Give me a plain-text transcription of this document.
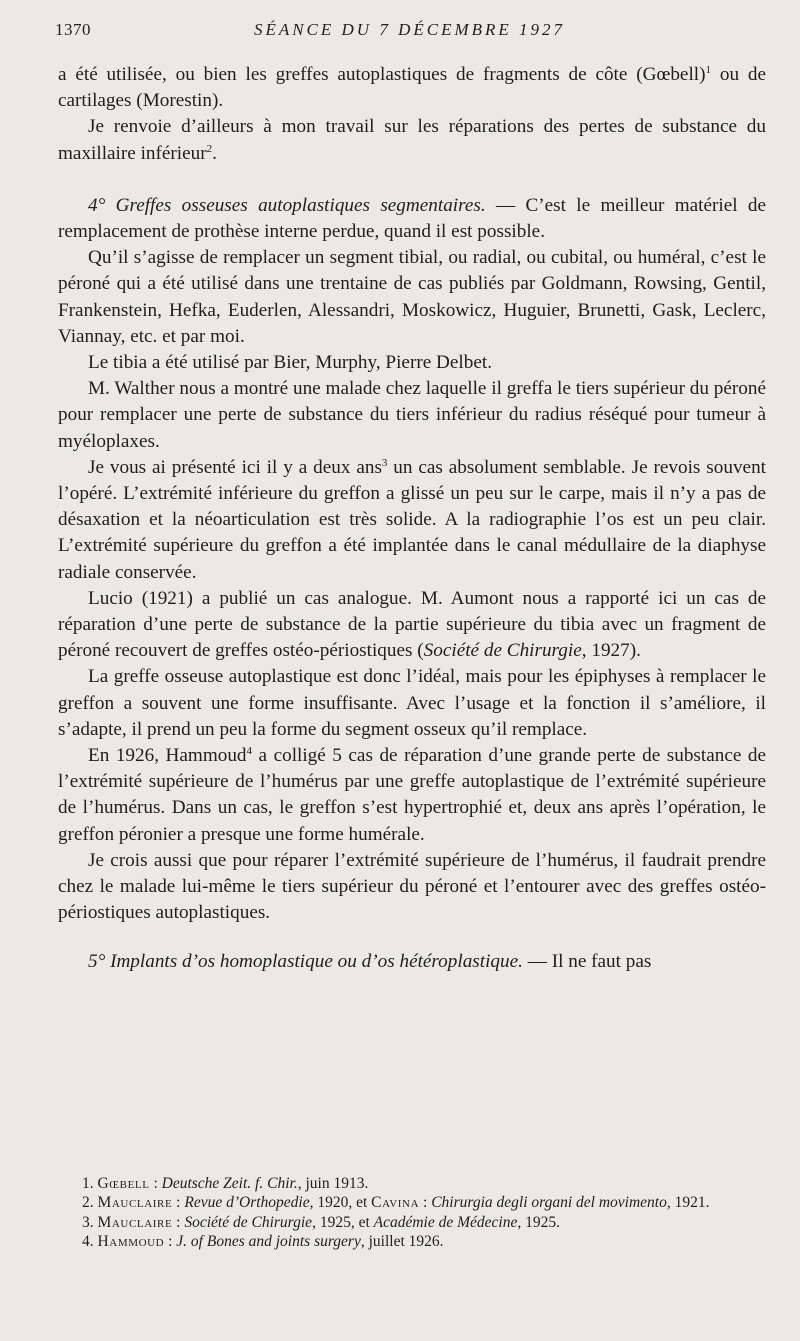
1370	SÉANCE DU 7 DÉCEMBRE 1927

a été utilisée, ou bien les greffes autoplastiques de fragments de côte (Gœbell)$^1$ ou de cartilages (Morestin).

Je renvoie d’ailleurs à mon travail sur les réparations des pertes de substance du maxillaire inférieur$^2$.

4° Greffes osseuses autoplastiques segmentaires. — C’est le meilleur matériel de remplacement de prothèse interne perdue, quand il est possible.

Qu’il s’agisse de remplacer un segment tibial, ou radial, ou cubital, ou huméral, c’est le péroné qui a été utilisé dans une trentaine de cas publiés par Goldmann, Rowsing, Gentil, Frankenstein, Hefka, Euderlen, Alessandri, Moskowicz, Huguier, Brunetti, Gask, Leclerc, Viannay, etc. et par moi.

Le tibia a été utilisé par Bier, Murphy, Pierre Delbet.

M. Walther nous a montré une malade chez laquelle il greffa le tiers supérieur du péroné pour remplacer une perte de substance du tiers inférieur du radius réséqué pour tumeur à myéloplaxes.

Je vous ai présenté ici il y a deux ans$^3$ un cas absolument semblable. Je revois souvent l’opéré. L’extrémité inférieure du greffon a glissé un peu sur le carpe, mais il n’y a pas de désaxation et la néoarticulation est très solide. A la radiographie l’os est un peu clair. L’extrémité supérieure du greffon a été implantée dans le canal médullaire de la diaphyse radiale conservée.

Lucio (1921) a publié un cas analogue. M. Aumont nous a rapporté ici un cas de réparation d’une perte de substance de la partie supérieure du tibia avec un fragment de péroné recouvert de greffes ostéo-périostiques (Société de Chirurgie, 1927).

La greffe osseuse autoplastique est donc l’idéal, mais pour les épiphyses à remplacer le greffon a souvent une forme insuffisante. Avec l’usage et la fonction il s’améliore, il s’adapte, il prend un peu la forme du segment osseux qu’il remplace.

En 1926, Hammoud$^4$ a colligé 5 cas de réparation d’une grande perte de substance de l’extrémité supérieure de l’humérus par une greffe autoplastique de l’extrémité supérieure de l’humérus. Dans un cas, le greffon s’est hypertrophié et, deux ans après l’opération, le greffon péronier a presque une forme humérale.

Je crois aussi que pour réparer l’extrémité supérieure de l’humérus, il faudrait prendre chez le malade lui-même le tiers supérieur du péroné et l’entourer avec des greffes ostéo-périostiques autoplastiques.

5° Implants d’os homoplastique ou d’os hétéroplastique. — Il ne faut pas

1. Gœbell : Deutsche Zeit. f. Chir., juin 1913.

2. Mauclaire : Revue d’Orthopedie, 1920, et Cavina : Chirurgia degli organi del movimento, 1921.

3. Mauclaire : Société de Chirurgie, 1925, et Académie de Médecine, 1925.

4. Hammoud : J. of Bones and joints surgery, juillet 1926.
